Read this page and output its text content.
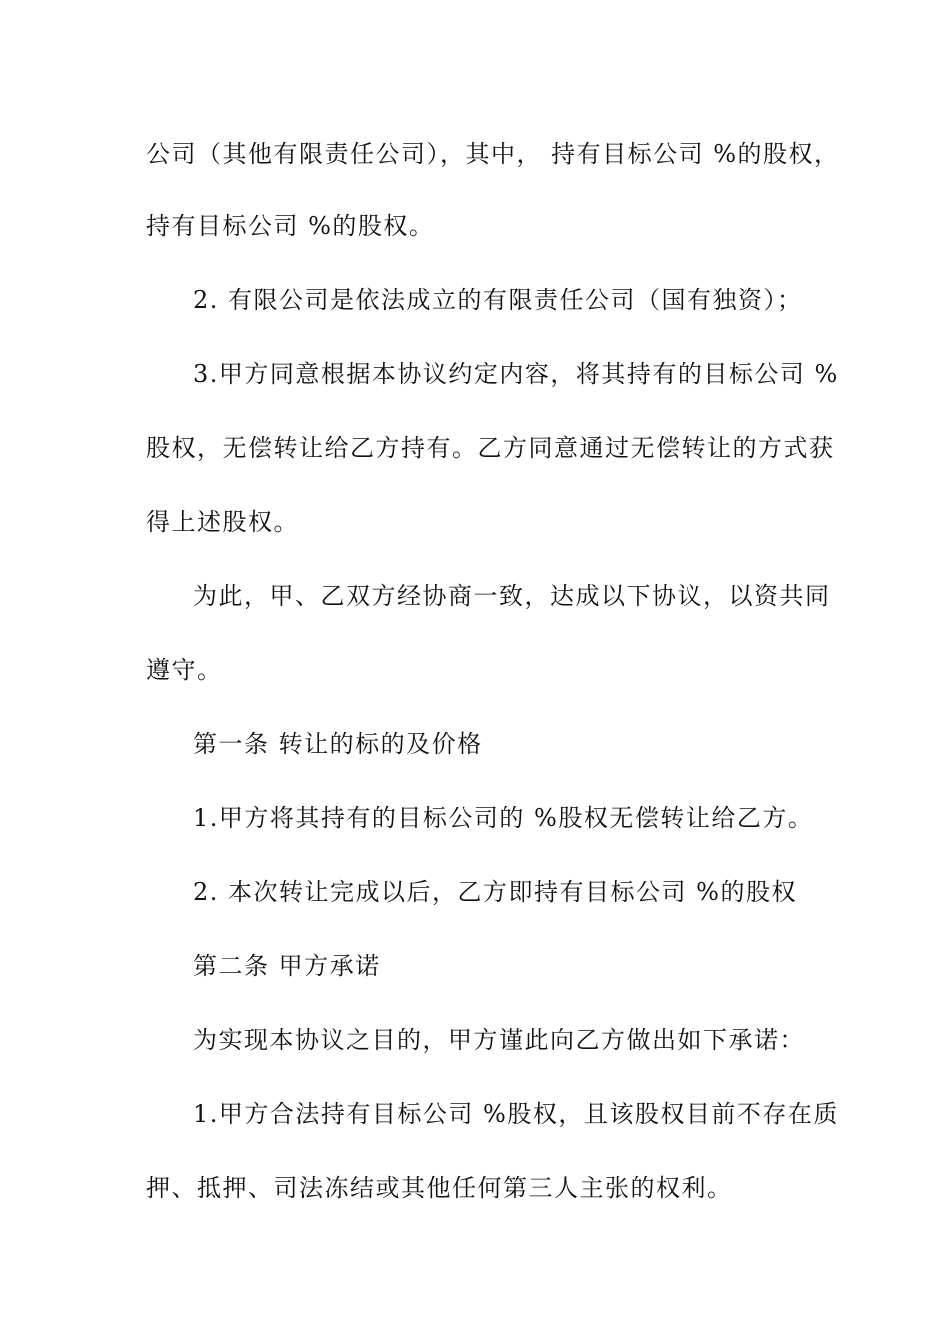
公司（其他有限责任公司），其中， 持有目标公司 %的股权，
持有目标公司 %的股权。
2. 有限公司是依法成立的有限责任公司（国有独资）；
3.甲方同意根据本协议约定内容，将其持有的目标公司 %
股权，无偿转让给乙方持有。乙方同意通过无偿转让的方式获
得上述股权。
为此，甲、乙双方经协商一致，达成以下协议，以资共同
遵守。
第一条 转让的标的及价格
1.甲方将其持有的目标公司的 %股权无偿转让给乙方。
2. 本次转让完成以后，乙方即持有目标公司 %的股权
第二条 甲方承诺
为实现本协议之目的，甲方谨此向乙方做出如下承诺：
1.甲方合法持有目标公司 %股权，且该股权目前不存在质
押、抵押、司法冻结或其他任何第三人主张的权利。
